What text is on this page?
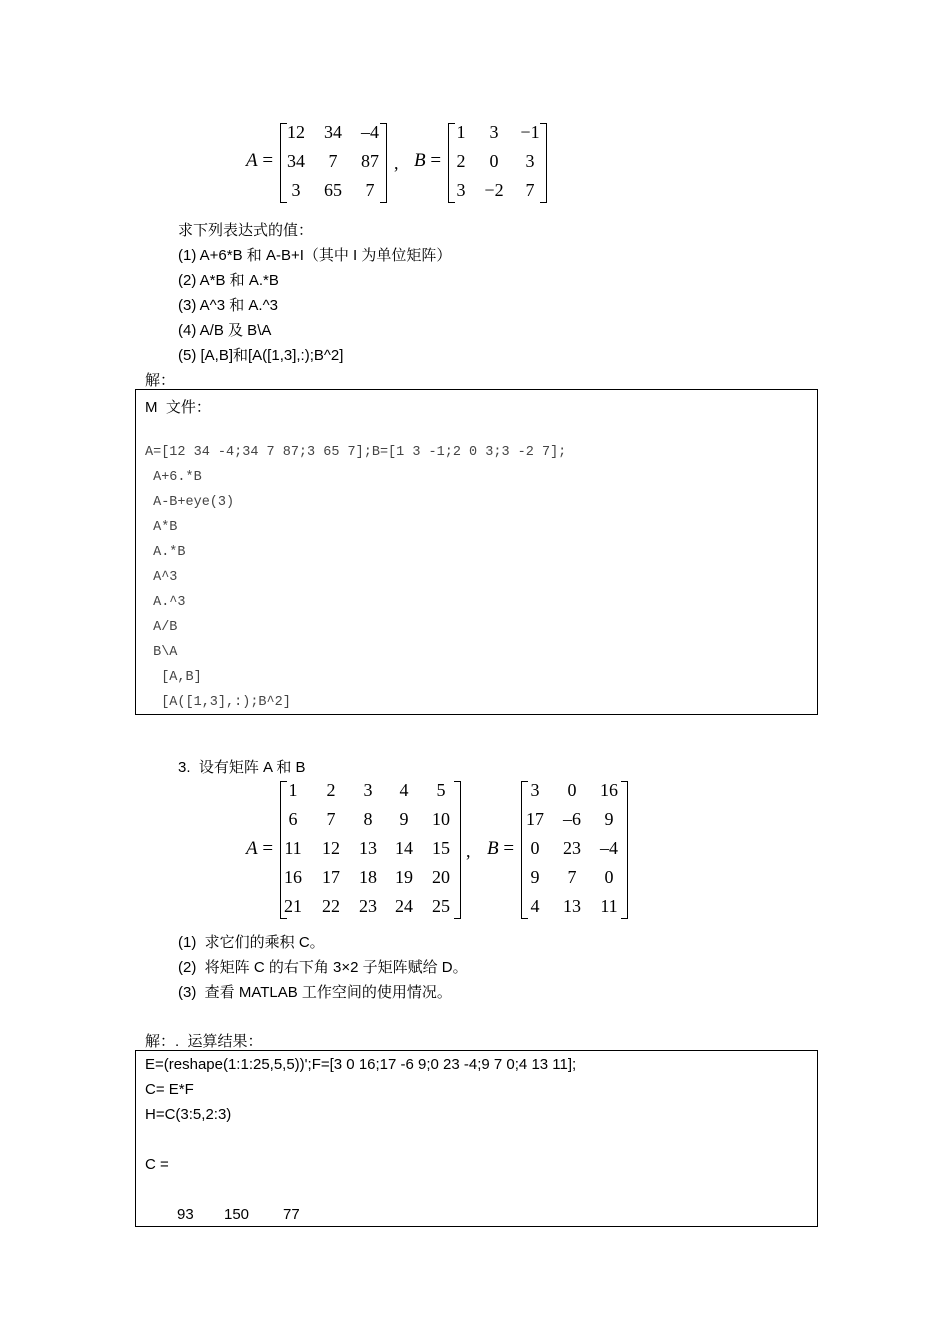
A =
12	34	–4
34	7	87
3	65	7
, B =
1	3	−1
2	0	3
3	−2	7
求下列表达式的值：
(1) A+6*B 和 A-B+I（其中 I 为单位矩阵）
(2) A*B 和 A.*B
(3) A^3 和 A.^3
(4) A/B 及 B\A
(5) [A,B]和[A([1,3],:);B^2]
解：
M  文件：
A=[12 34 -4;34 7 87;3 65 7];B=[1 3 -1;2 0 3;3 -2 7];
A+6.*B
A-B+eye(3)
A*B
A.*B
A^3
A.^3
A/B
B\A
[A,B]
[A([1,3],:);B^2]
3.  设有矩阵 A 和 B
A =
1	2	3	4	5
6	7	8	9	10
11	12	13	14	15
16	17	18	19	20
21	22	23	24	25
, B =
3	0	16
17	–6	9
0	23	–4
9	7	0
4	13	11
(1)  求它们的乘积 C。
(2)  将矩阵 C 的右下角 3×2 子矩阵赋给 D。
(3)  查看 MATLAB 工作空间的使用情况。
解：.  运算结果：
E=(reshape(1:1:25,5,5))';F=[3 0 16;17 -6 9;0 23 -4;9 7 0;4 13 11];
C= E*F
H=C(3:5,2:3)
C =
93 150 77
